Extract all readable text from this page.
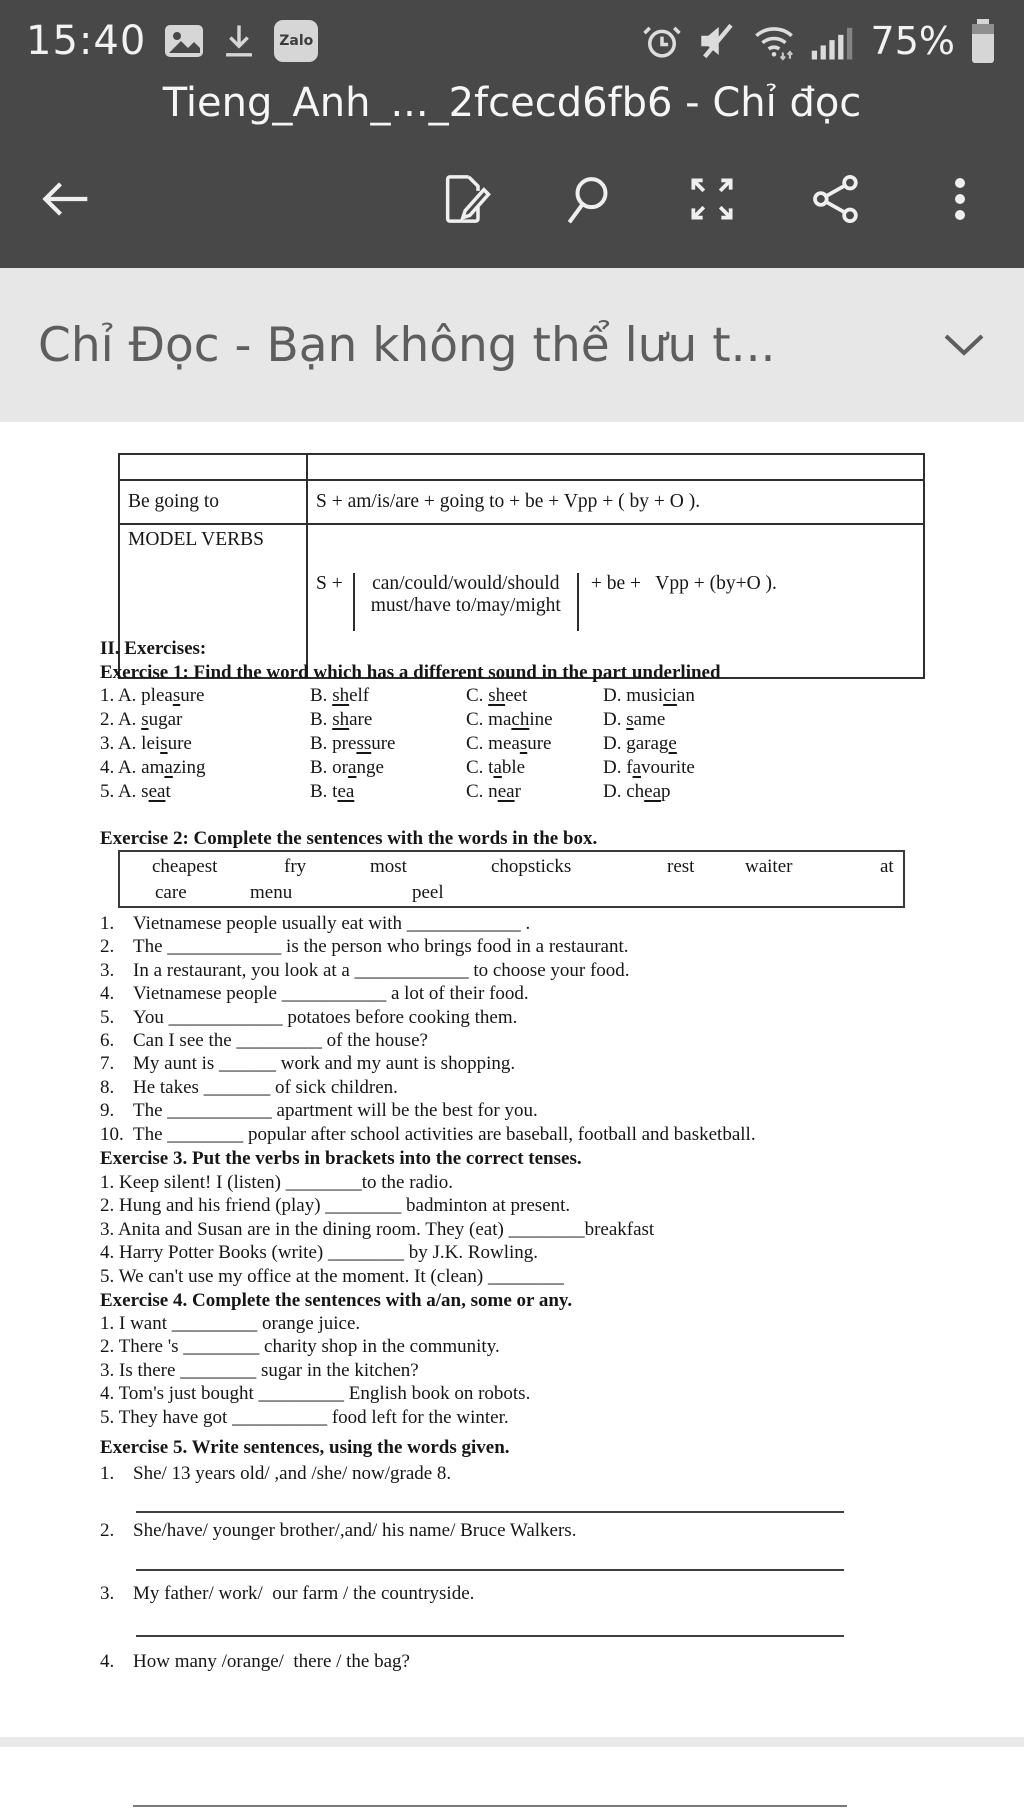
15:40	Zalo	75%
Tieng_Anh_..._2fcecd6fb6 - Chỉ đọc
Chỉ Đọc - Bạn không thể lưu t...

Be going to	S + am/is/are + going to + be + Vpp + ( by + O ).
MODEL VERBS	S + can/could/would/should
must/have to/may/might
+ be +   Vpp + (by+O ).

II. Exercises:

Exercise 1: Find the word which has a different sound in the part underlined

1. A. pleasure	B. shelf	C. sheet	D. musician
2. A. sugar	B. share	C. machine	D. same
3. A. leisure	B. pressure	C. measure	D. garage
4. A. amazing	B. orange	C. table	D. favourite
5. A. seat	B. tea	C. near	D. cheap

Exercise 2: Complete the sentences with the words in the box.

cheapest	fry	most	chopsticks	rest	waiter	at
care	menu	peel

1. Vietnamese people usually eat with ____________ .
2. The ____________ is the person who brings food in a restaurant.
3. In a restaurant, you look at a ____________ to choose your food.
4. Vietnamese people ___________ a lot of their food.
5. You ____________ potatoes before cooking them.
6. Can I see the _________ of the house?
7. My aunt is ______ work and my aunt is shopping.
8. He takes _______ of sick children.
9. The ___________ apartment will be the best for you.
10. The ________ popular after school activities are baseball, football and basketball.

Exercise 3. Put the verbs in brackets into the correct tenses.

1. Keep silent! I (listen) ________to the radio.
2. Hung and his friend (play) ________ badminton at present.
3. Anita and Susan are in the dining room. They (eat) ________breakfast
4. Harry Potter Books (write) ________ by J.K. Rowling.
5. We can't use my office at the moment. It (clean) ________

Exercise 4. Complete the sentences with a/an, some or any.

1. I want _________ orange juice.
2. There 's ________ charity shop in the community.
3. Is there ________ sugar in the kitchen?
4. Tom's just bought _________ English book on robots.
5. They have got __________ food left for the winter.

Exercise 5. Write sentences, using the words given.

1. She/ 13 years old/ ,and /she/ now/grade 8.
2. She/have/ younger brother/,and/ his name/ Bruce Walkers.
3. My father/ work/  our farm / the countryside.
4. How many /orange/  there / the bag?
